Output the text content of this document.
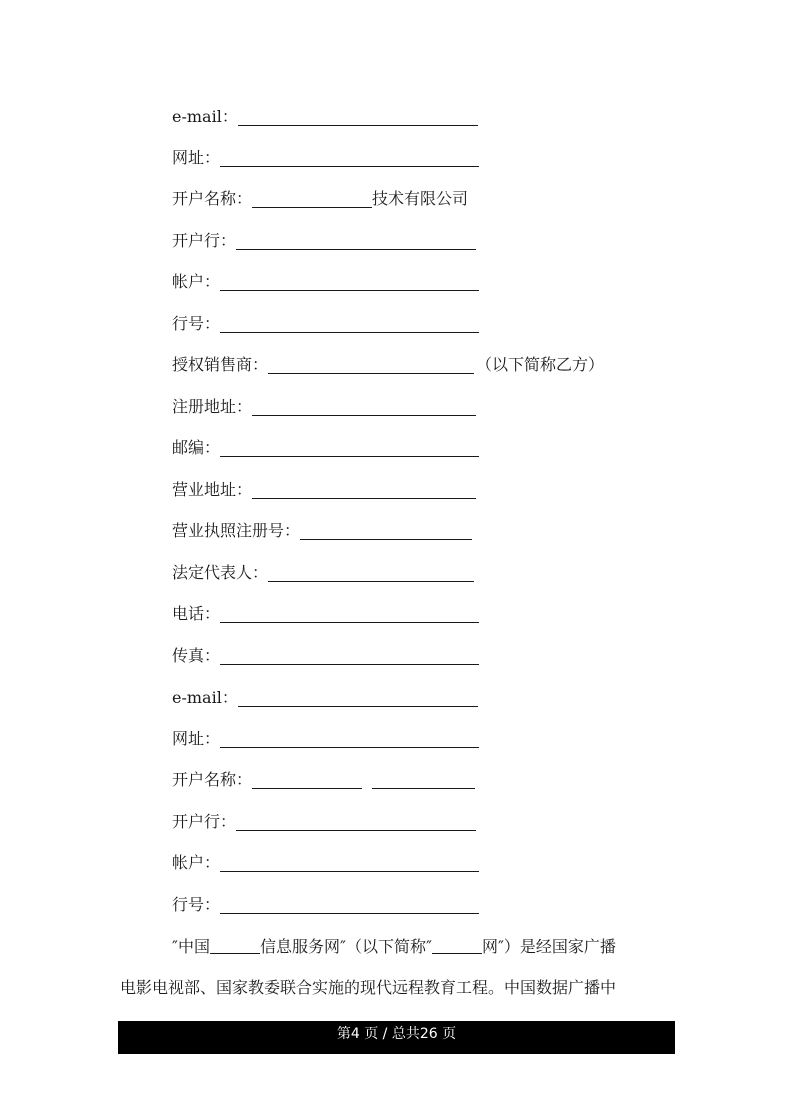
e-mail：
网址：
开户名称：	技术有限公司
开户行：
帐户：
行号：
授权销售商：	（以下简称乙方）
注册地址：
邮编：
营业地址：
营业执照注册号：
法定代表人：
电话：
传真：
e-mail：
网址：
开户名称：
开户行：
帐户：
行号：
″中国	信息服务网″（以下简称″	网″）是经国家广播
电影电视部、国家教委联合实施的现代远程教育工程。中国数据广播中
第4 页 / 总共26 页
